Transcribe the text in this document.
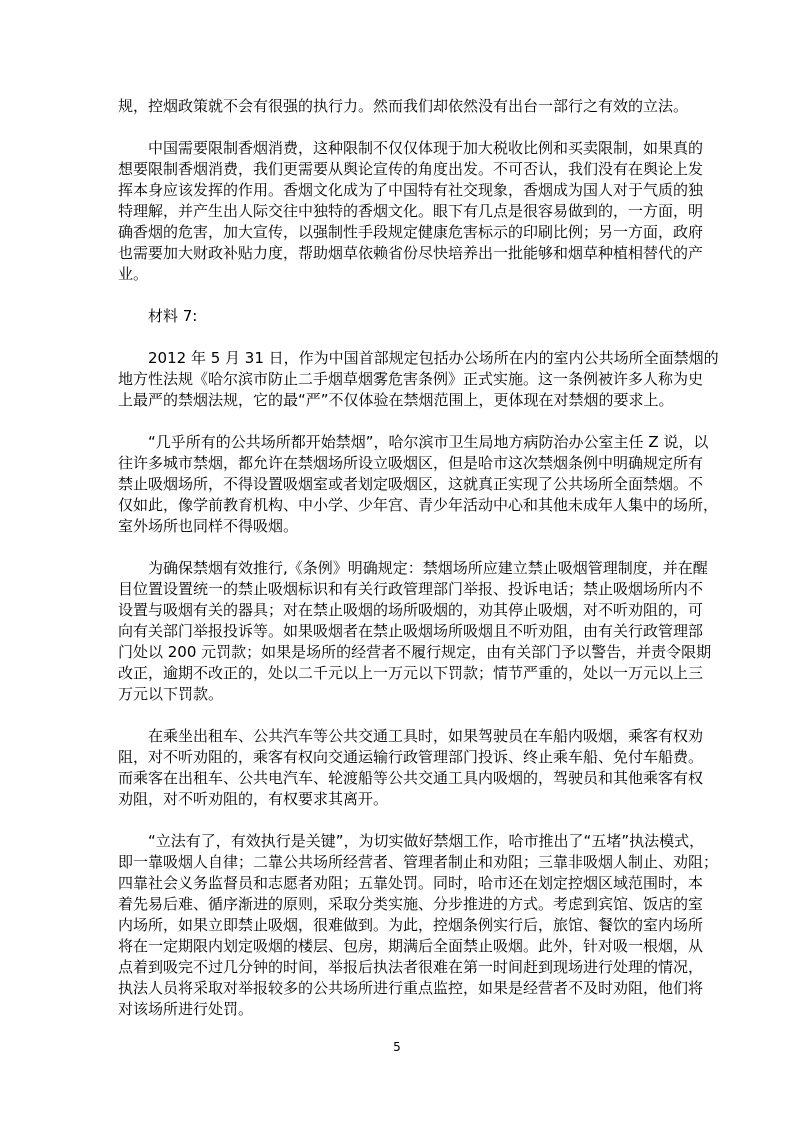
规，控烟政策就不会有很强的执行力。然而我们却依然没有出台一部行之有效的立法。
中国需要限制香烟消费，这种限制不仅仅体现于加大税收比例和买卖限制，如果真的
想要限制香烟消费，我们更需要从舆论宣传的角度出发。不可否认，我们没有在舆论上发
挥本身应该发挥的作用。香烟文化成为了中国特有社交现象，香烟成为国人对于气质的独
特理解，并产生出人际交往中独特的香烟文化。眼下有几点是很容易做到的，一方面，明
确香烟的危害，加大宣传，以强制性手段规定健康危害标示的印刷比例；另一方面，政府
也需要加大财政补贴力度，帮助烟草依赖省份尽快培养出一批能够和烟草种植相替代的产
业。
材料 7:
2012 年 5 月 31 日，作为中国首部规定包括办公场所在内的室内公共场所全面禁烟的
地方性法规《哈尔滨市防止二手烟草烟雾危害条例》正式实施。这一条例被许多人称为史
上最严的禁烟法规，它的最“严”不仅体验在禁烟范围上，更体现在对禁烟的要求上。
“几乎所有的公共场所都开始禁烟”，哈尔滨市卫生局地方病防治办公室主任 Z 说，以
往许多城市禁烟，都允许在禁烟场所设立吸烟区，但是哈市这次禁烟条例中明确规定所有
禁止吸烟场所，不得设置吸烟室或者划定吸烟区，这就真正实现了公共场所全面禁烟。不
仅如此，像学前教育机构、中小学、少年宫、青少年活动中心和其他未成年人集中的场所，
室外场所也同样不得吸烟。
为确保禁烟有效推行,《条例》明确规定：禁烟场所应建立禁止吸烟管理制度，并在醒
目位置设置统一的禁止吸烟标识和有关行政管理部门举报、投诉电话；禁止吸烟场所内不
设置与吸烟有关的器具；对在禁止吸烟的场所吸烟的，劝其停止吸烟，对不听劝阻的，可
向有关部门举报投诉等。如果吸烟者在禁止吸烟场所吸烟且不听劝阻，由有关行政管理部
门处以 200 元罚款；如果是场所的经营者不履行规定，由有关部门予以警告，并责令限期
改正，逾期不改正的，处以二千元以上一万元以下罚款；情节严重的，处以一万元以上三
万元以下罚款。
在乘坐出租车、公共汽车等公共交通工具时，如果驾驶员在车船内吸烟，乘客有权劝
阻，对不听劝阻的，乘客有权向交通运输行政管理部门投诉、终止乘车船、免付车船费。
而乘客在出租车、公共电汽车、轮渡船等公共交通工具内吸烟的，驾驶员和其他乘客有权
劝阻，对不听劝阻的，有权要求其离开。
“立法有了，有效执行是关键”，为切实做好禁烟工作，哈市推出了“五堵”执法模式，
即一靠吸烟人自律；二靠公共场所经营者、管理者制止和劝阻；三靠非吸烟人制止、劝阻；
四靠社会义务监督员和志愿者劝阻；五靠处罚。同时，哈市还在划定控烟区域范围时，本
着先易后难、循序渐进的原则，采取分类实施、分步推进的方式。考虑到宾馆、饭店的室
内场所，如果立即禁止吸烟，很难做到。为此，控烟条例实行后，旅馆、餐饮的室内场所
将在一定期限内划定吸烟的楼层、包房，期满后全面禁止吸烟。此外，针对吸一根烟，从
点着到吸完不过几分钟的时间，举报后执法者很难在第一时间赶到现场进行处理的情况，
执法人员将采取对举报较多的公共场所进行重点监控，如果是经营者不及时劝阻，他们将
对该场所进行处罚。
5
